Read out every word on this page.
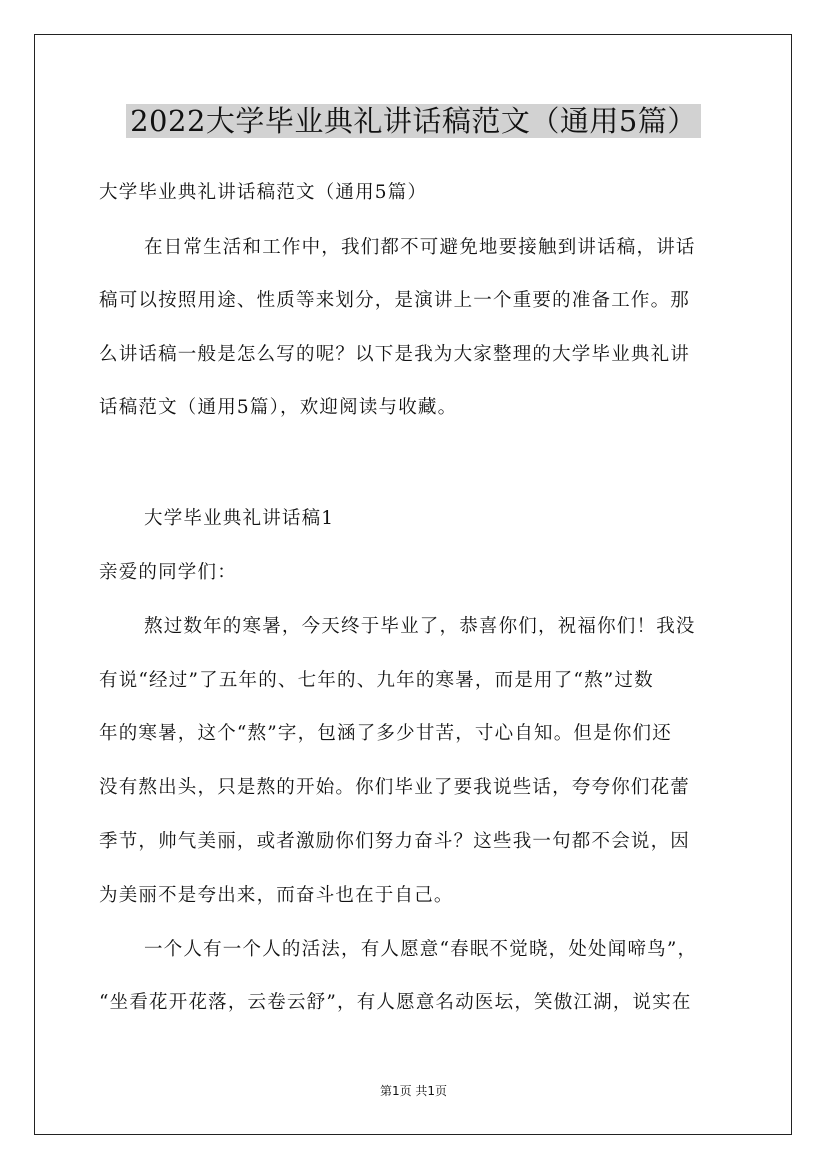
2022大学毕业典礼讲话稿范文（通用5篇）

大学毕业典礼讲话稿范文（通用5篇）

在日常生活和工作中，我们都不可避免地要接触到讲话稿，讲话

稿可以按照用途、性质等来划分，是演讲上一个重要的准备工作。那

么讲话稿一般是怎么写的呢？以下是我为大家整理的大学毕业典礼讲

话稿范文（通用5篇），欢迎阅读与收藏。

大学毕业典礼讲话稿1

亲爱的同学们：

熬过数年的寒暑，今天终于毕业了，恭喜你们，祝福你们！我没

有说“经过”了五年的、七年的、九年的寒暑，而是用了“熬”过数

年的寒暑，这个“熬”字，包涵了多少甘苦，寸心自知。但是你们还

没有熬出头，只是熬的开始。你们毕业了要我说些话，夸夸你们花蕾

季节，帅气美丽，或者激励你们努力奋斗？这些我一句都不会说，因

为美丽不是夸出来，而奋斗也在于自己。

一个人有一个人的活法，有人愿意“春眠不觉晓，处处闻啼鸟”，

“坐看花开花落，云卷云舒”，有人愿意名动医坛，笑傲江湖，说实在

第1页 共1页
